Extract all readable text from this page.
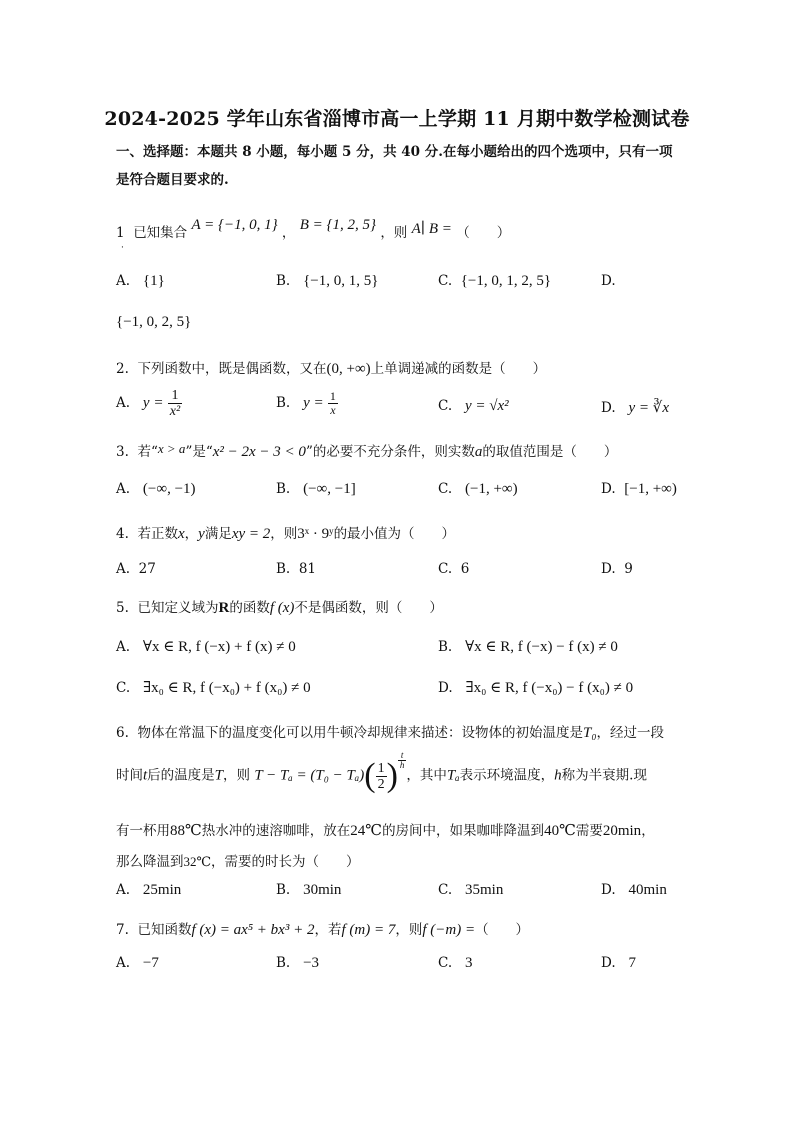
2024-2025 学年山东省淄博市高一上学期 11 月期中数学检测试卷
一、选择题：本题共 8 小题，每小题 5 分，共 40 分.在每小题给出的四个选项中，只有一项
是符合题目要求的.
1 已知集合 A = {−1, 0, 1} ， B = {1, 2, 5} ，则 A∣ B = （　　）
·
A. {1}	B. {−1, 0, 1, 5}	C. {−1, 0, 1, 2, 5}	D.
{−1, 0, 2, 5}
2. 下列函数中，既是偶函数，又在(0, +∞)上单调递减的函数是（　　）
A. $y = \frac{1}{\text{x²}}$	B. $y = \frac{1}{x}$	C. y = √x²	D. y = ∛x
3. 若“x > a”是“x² − 2x − 3 < 0”的必要不充分条件，则实数a的取值范围是（　　）
A. (−∞, −1)	B. (−∞, −1]	C. (−1, +∞)	D. [−1, +∞)
4. 若正数x，y满足xy = 2，则3ˣ · 9ʸ的最小值为（　　）
A. 27	B. 81	C. 6	D. 9
5. 已知定义域为R的函数f (x)不是偶函数，则（　　）
A. ∀x ∈ R, f (−x) + f (x) ≠ 0	B. ∀x ∈ R, f (−x) − f (x) ≠ 0
C. ∃x₀ ∈ R, f (−x₀) + f (x₀) ≠ 0	D. ∃x₀ ∈ R, f (−x₀) − f (x₀) ≠ 0
6. 物体在常温下的温度变化可以用牛顿冷却规律来描述：设物体的初始温度是T₀，经过一段
时间t后的温度是T，则 $T - T_a = (T_0 - T_a)( \frac{1}{2}$ ) $\frac{t}{h}$
，其中Tₐ表示环境温度，h称为半衰期.现
有一杯用88℃热水冲的速溶咖啡，放在24℃的房间中，如果咖啡降温到40℃需要20min，
那么降温到32℃，需要的时长为（　　）
A. 25min	B. 30min	C. 35min	D. 40min
7. 已知函数f (x) = ax⁵ + bx³ + 2，若f (m) = 7，则f (−m) =（　　）
A. −7	B. −3	C. 3	D. 7
